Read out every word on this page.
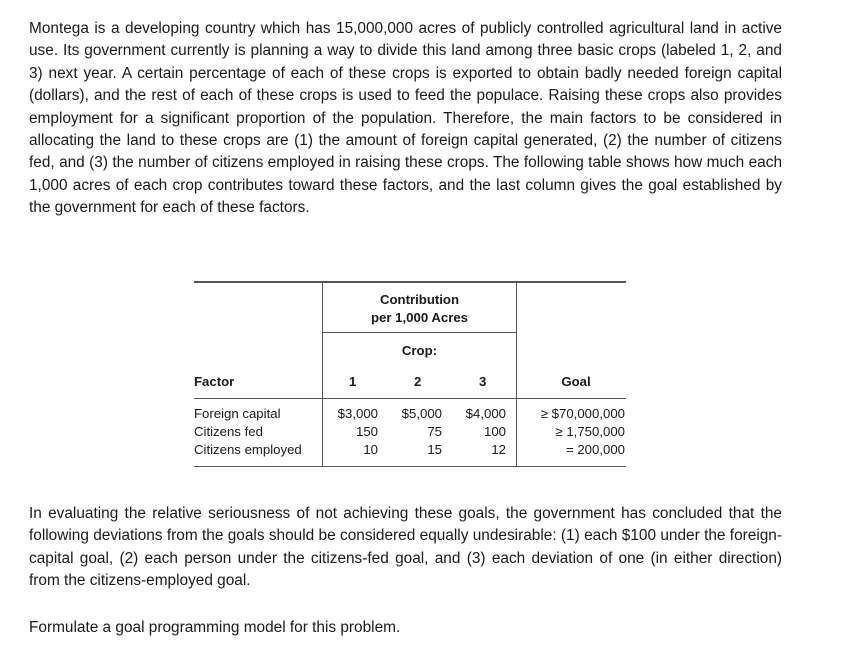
Montega is a developing country which has 15,000,000 acres of publicly controlled agricultural land in active use. Its government currently is planning a way to divide this land among three basic crops (labeled 1, 2, and 3) next year. A certain percentage of each of these crops is exported to obtain badly needed foreign capital (dollars), and the rest of each of these crops is used to feed the populace. Raising these crops also provides employment for a significant proportion of the population. Therefore, the main factors to be considered in allocating the land to these crops are (1) the amount of foreign capital generated, (2) the number of citizens fed, and (3) the number of citizens employed in raising these crops. The following table shows how much each 1,000 acres of each crop contributes toward these factors, and the last column gives the goal established by the government for each of these factors.

Contribution
per 1,000 Acres
Crop:
Factor	1	2	3	Goal
Foreign capital	$3,000	$5,000	$4,000	≥ $70,000,000
Citizens fed	150	75	100	≥ 1,750,000
Citizens employed	10	15	12	= 200,000

In evaluating the relative seriousness of not achieving these goals, the government has concluded that the following deviations from the goals should be considered equally undesirable: (1) each $100 under the foreign-capital goal, (2) each person under the citizens-fed goal, and (3) each deviation of one (in either direction) from the citizens-employed goal.

Formulate a goal programming model for this problem.
